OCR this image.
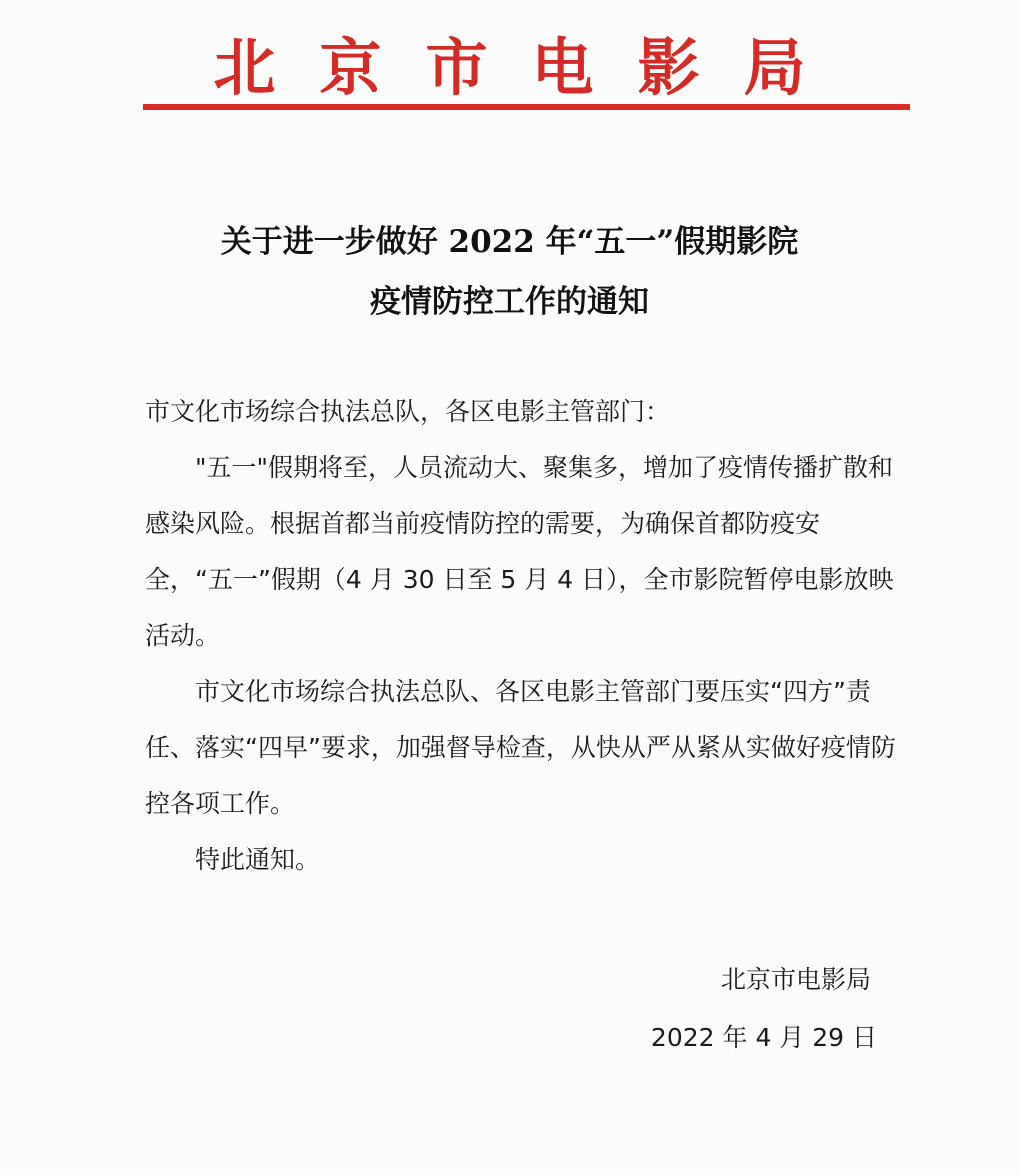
北京市电影局
关于进一步做好 2022 年“五一”假期影院
疫情防控工作的通知
市文化市场综合执法总队，各区电影主管部门：
"五一"假期将至，人员流动大、聚集多，增加了疫情传播扩散和感染风险。根据首都当前疫情防控的需要，为确保首都防疫安全，“五一”假期（4 月 30 日至 5 月 4 日），全市影院暂停电影放映活动。
市文化市场综合执法总队、各区电影主管部门要压实“四方”责任、落实“四早”要求，加强督导检查，从快从严从紧从实做好疫情防控各项工作。
特此通知。
北京市电影局
2022 年 4 月 29 日
